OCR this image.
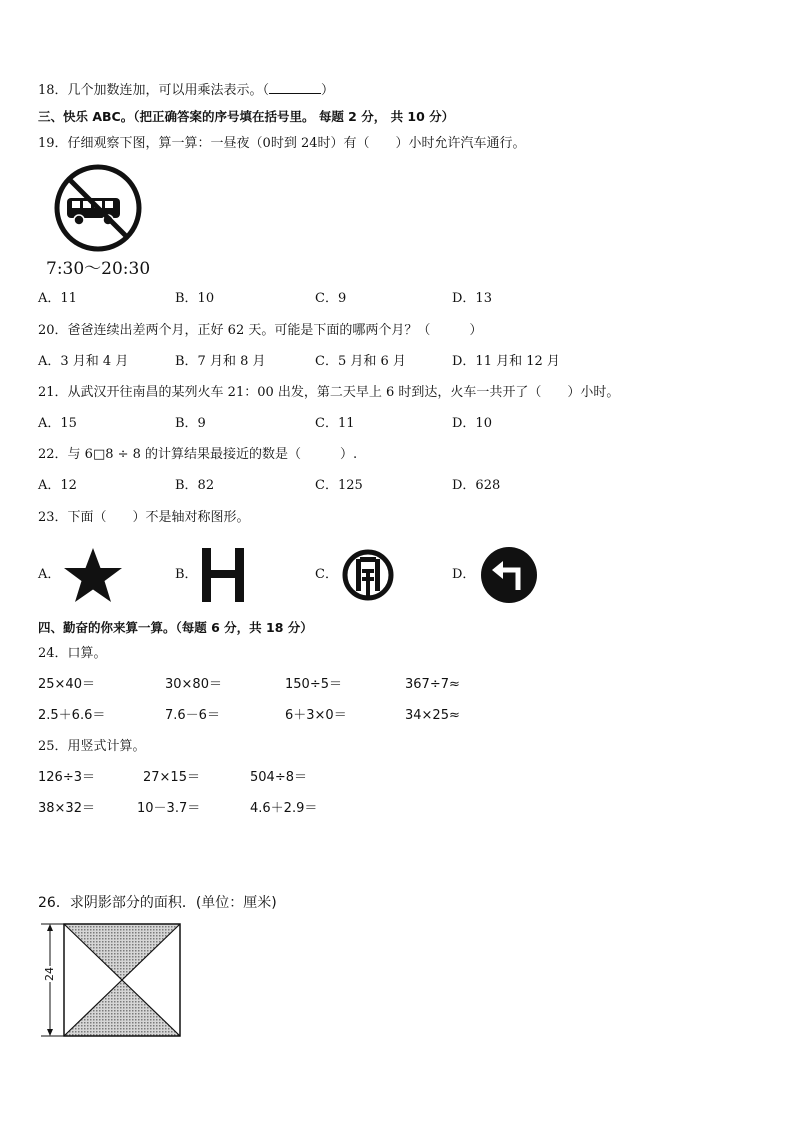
18．几个加数连加，可以用乘法表示。（	）
三、快乐 ABC。（把正确答案的序号填在括号里。 每题 2 分， 共 10 分）
19．仔细观察下图，算一算：一昼夜（0时到 24时）有（　　）小时允许汽车通行。
7:30～20:30
A．11	B．10	C．9	D．13
20．爸爸连续出差两个月，正好 62 天。可能是下面的哪两个月？（　　　）
A．3 月和 4 月	B．7 月和 8 月	C．5 月和 6 月	D．11 月和 12 月
21．从武汉开往南昌的某列火车 21：00 出发，第二天早上 6 时到达，火车一共开了（　　）小时。
A．15	B．9	C．11	D．10
22．与 6□8 ÷ 8 的计算结果最接近的数是（　　　）.
A．12	B．82	C．125	D．628
23．下面（　　）不是轴对称图形。
A．	B．	C．	D．
四、勤奋的你来算一算。（每题 6 分，共 18 分）
24．口算。
25×40＝	30×80＝	150÷5＝	367÷7≈
2.5＋6.6＝	7.6－6＝	6＋3×0＝	34×25≈
25．用竖式计算。
126÷3＝	27×15＝	504÷8＝
38×32＝	10－3.7＝	4.6＋2.9＝
26．求阴影部分的面积．(单位：厘米)
24
